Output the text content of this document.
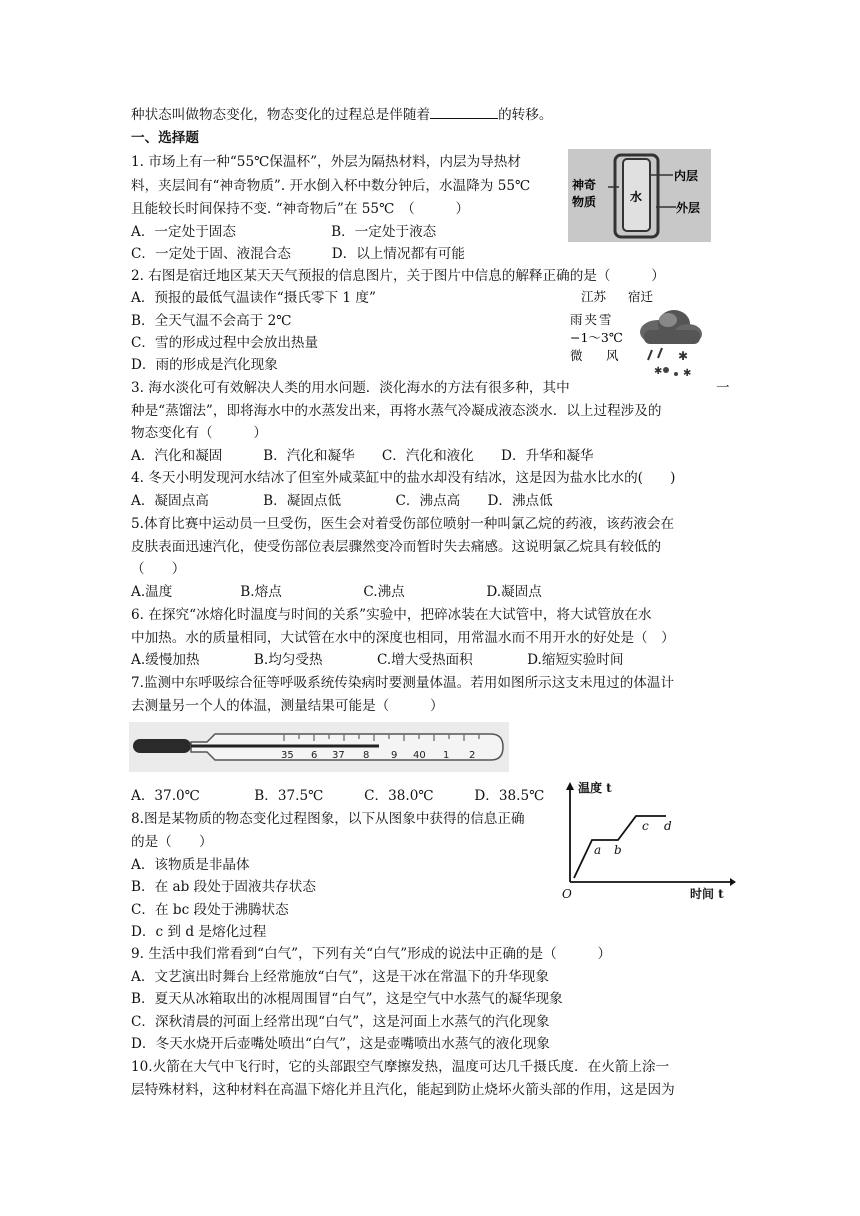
种状态叫做物态变化，物态变化的过程总是伴随着	的转移。
一、选择题
1. 市场上有一种“55℃保温杯”，外层为隔热材料，内层为导热材
料，夹层间有“神奇物质”. 开水倒入杯中数分钟后，水温降为 55℃
且能较长时间保持不变. “神奇物后”在 55℃　（　　　）
A．一定处于固态　　　　　　　B．一定处于液态
C．一定处于固、液混合态　　　D．以上情况都有可能
2. 右图是宿迁地区某天天气预报的信息图片，关于图片中信息的解释正确的是（　　　）
A．预报的最低气温读作“摄氏零下 1 度”
B．全天气温不会高于 2℃
C．雪的形成过程中会放出热量
D．雨的形成是汽化现象
3. 海水淡化可有效解决人类的用水问题．淡化海水的方法有很多种，其中	一
种是“蒸馏法”，即将海水中的水蒸发出来，再将水蒸气冷凝成液态淡水．以上过程涉及的
物态变化有（　　　）
A．汽化和凝固　　　B．汽化和凝华　　C．汽化和液化　　D．升华和凝华
4. 冬天小明发现河水结冰了但室外咸菜缸中的盐水却没有结冰，这是因为盐水比水的(　　)
A．凝固点高　　　　B．凝固点低　　　　C．沸点高　　D．沸点低
5.体育比赛中运动员一旦受伤，医生会对着受伤部位喷射一种叫氯乙烷的药液，该药液会在
皮肤表面迅速汽化，使受伤部位表层骤然变冷而暂时失去痛感。这说明氯乙烷具有较低的
（　　）
A.温度　　　　　B.熔点　　　　　　C.沸点　　　　　　D.凝固点
6. 在探究“冰熔化时温度与时间的关系”实验中，把碎冰装在大试管中，将大试管放在水
中加热。水的质量相同，大试管在水中的深度也相同，用常温水而不用开水的好处是（　）
A.缓慢加热　　　　B.均匀受热　　　　C.增大受热面积　　　　D.缩短实验时间
7.监测中东呼吸综合征等呼吸系统传染病时要测量体温。若用如图所示这支未甩过的体温计
去测量另一个人的体温，测量结果可能是（　　　）
A．37.0℃　　　　B．37.5℃　　　C．38.0℃　　　D．38.5℃
8.图是某物质的物态变化过程图象，以下从图象中获得的信息正确
的是（　　）
A．该物质是非晶体
B．在 ab 段处于固液共存状态
C．在 bc 段处于沸腾状态
D．c 到 d 是熔化过程
9. 生活中我们常看到“白气”，下列有关“白气”形成的说法中正确的是（　　　）
A．文艺演出时舞台上经常施放“白气”，这是干冰在常温下的升华现象
B．夏天从冰箱取出的冰棍周围冒“白气”，这是空气中水蒸气的凝华现象
C．深秋清晨的河面上经常出现“白气”，这是河面上水蒸气的汽化现象
D．冬天水烧开后壶嘴处喷出“白气”，这是壶嘴喷出水蒸气的液化现象
10.火箭在大气中飞行时，它的头部跟空气摩擦发热，温度可达几千摄氏度．在火箭上涂一
层特殊材料，这种材料在高温下熔化并且汽化，能起到防止烧坏火箭头部的作用，这是因为
神奇
物质	水
内层
外层
江苏 宿迁
雨夹雪
−1～3℃
微 风	✱
✱ ✱
35 6 37 8 9 40 1 2
温度 t
时间 t
O
a b
c d
